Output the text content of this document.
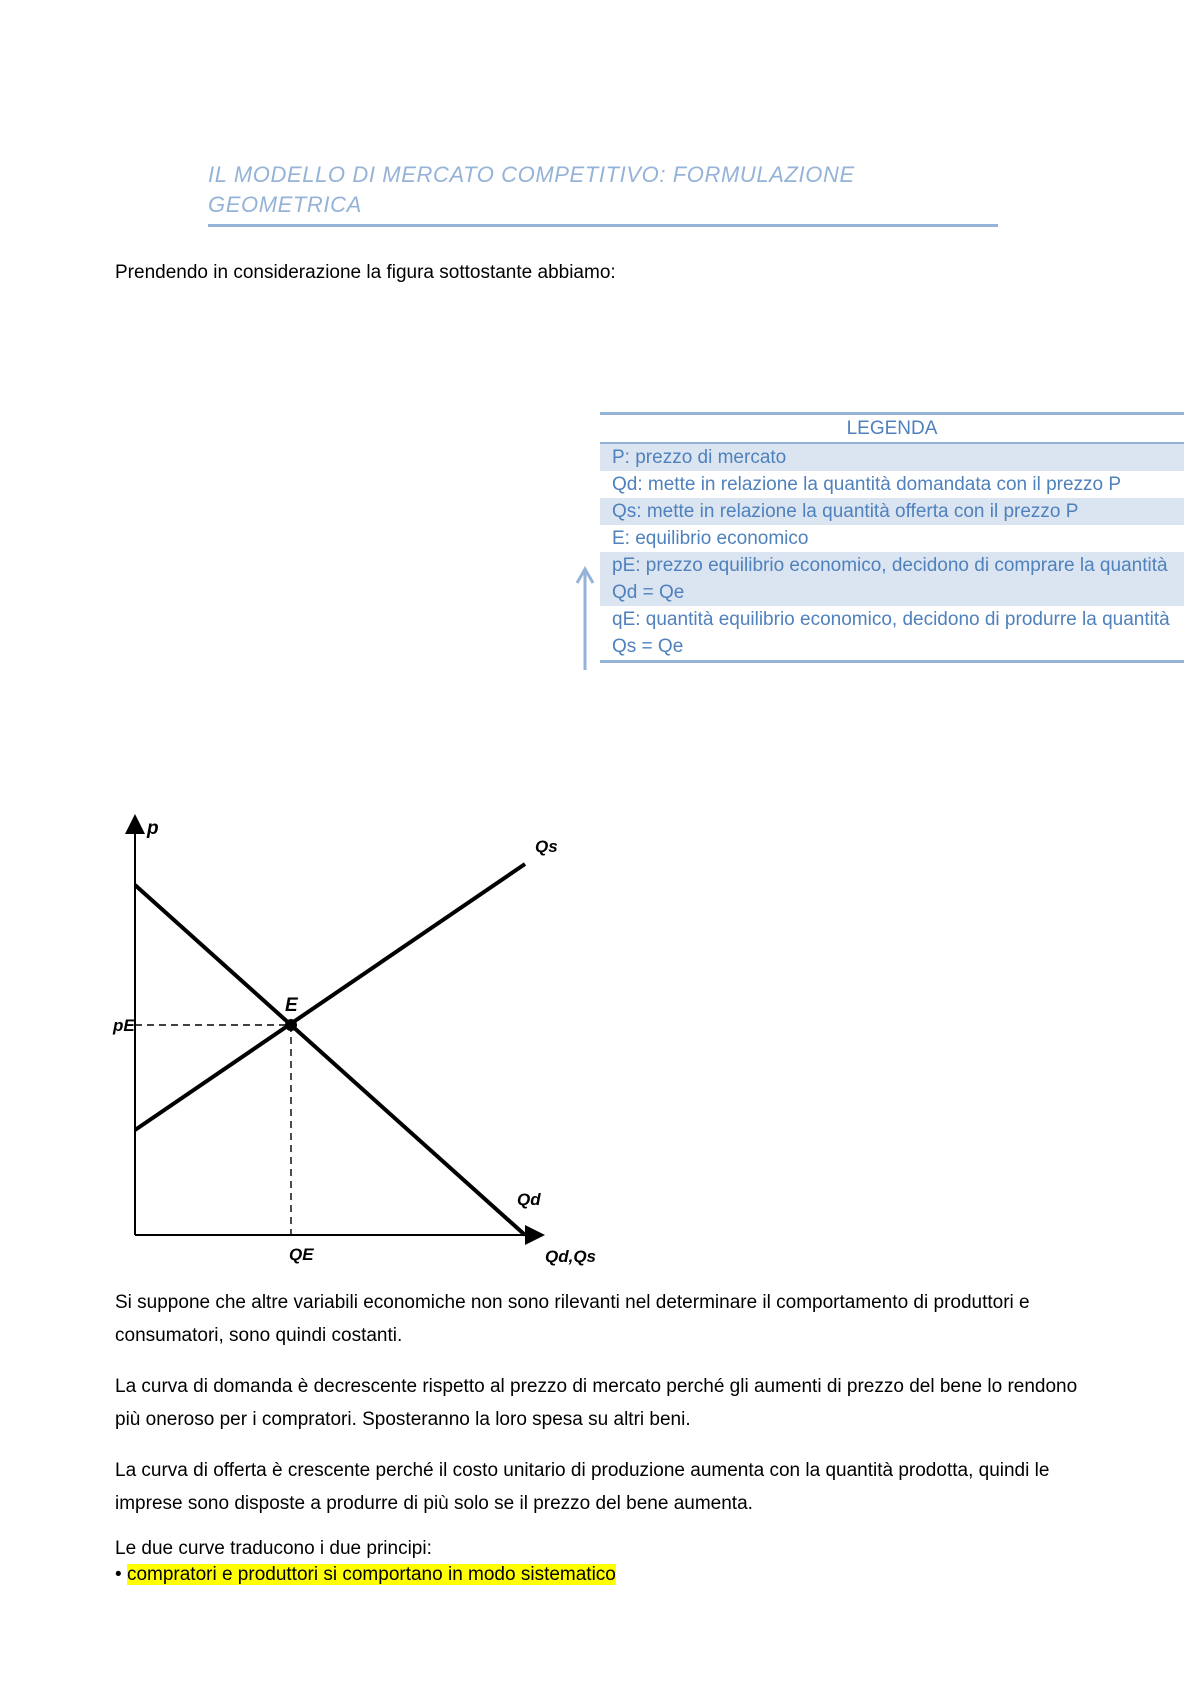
IL MODELLO DI MERCATO COMPETITIVO: FORMULAZIONE GEOMETRICA
Prendendo in considerazione la figura sottostante abbiamo:
LEGENDA
P: prezzo di mercato
Qd: mette in relazione la quantità domandata con il prezzo P
Qs: mette in relazione la quantità offerta con il prezzo P
E: equilibrio economico
pE: prezzo equilibrio economico, decidono di comprare la quantità Qd = Qe
qE: quantità equilibrio economico, decidono di produrre la quantità Qs = Qe
p
E
Qs
Qd
pE
QE	Qd,Qs
Si suppone che altre variabili economiche non sono rilevanti nel determinare il comportamento di produttori e consumatori, sono quindi costanti.
La curva di domanda è decrescente rispetto al prezzo di mercato perché gli aumenti di prezzo del bene lo rendono più oneroso per i compratori. Sposteranno la loro spesa su altri beni.
La curva di offerta è crescente perché il costo unitario di produzione aumenta con la quantità prodotta, quindi le imprese sono disposte a produrre di più solo se il prezzo del bene aumenta.
Le due curve traducono i due principi:
• compratori e produttori si comportano in modo sistematico
